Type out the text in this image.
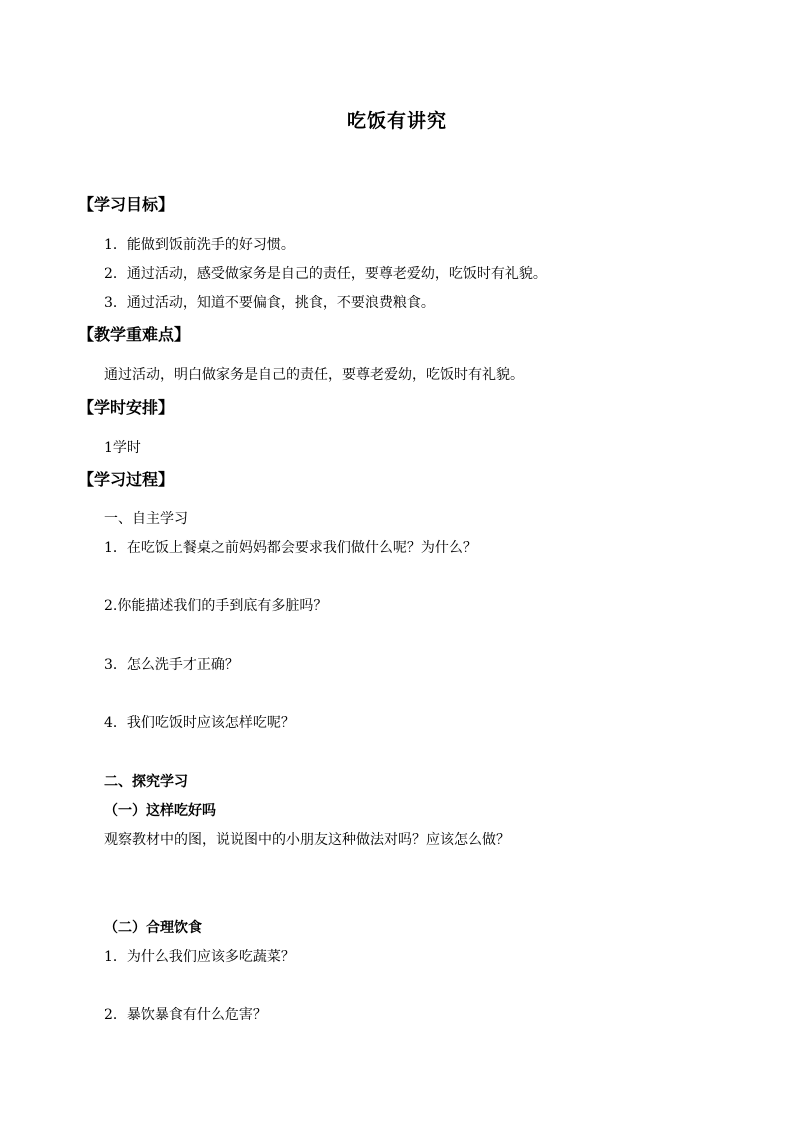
吃饭有讲究
【学习目标】
1．能做到饭前洗手的好习惯。
2．通过活动，感受做家务是自己的责任，要尊老爱幼，吃饭时有礼貌。
3．通过活动，知道不要偏食，挑食，不要浪费粮食。
【教学重难点】
通过活动，明白做家务是自己的责任，要尊老爱幼，吃饭时有礼貌。
【学时安排】
1学时
【学习过程】
一、自主学习
1．在吃饭上餐桌之前妈妈都会要求我们做什么呢？为什么？
2.你能描述我们的手到底有多脏吗？
3．怎么洗手才正确？
4．我们吃饭时应该怎样吃呢？
二、探究学习
（一）这样吃好吗
观察教材中的图，说说图中的小朋友这种做法对吗？应该怎么做？
（二）合理饮食
1．为什么我们应该多吃蔬菜？
2．暴饮暴食有什么危害？
